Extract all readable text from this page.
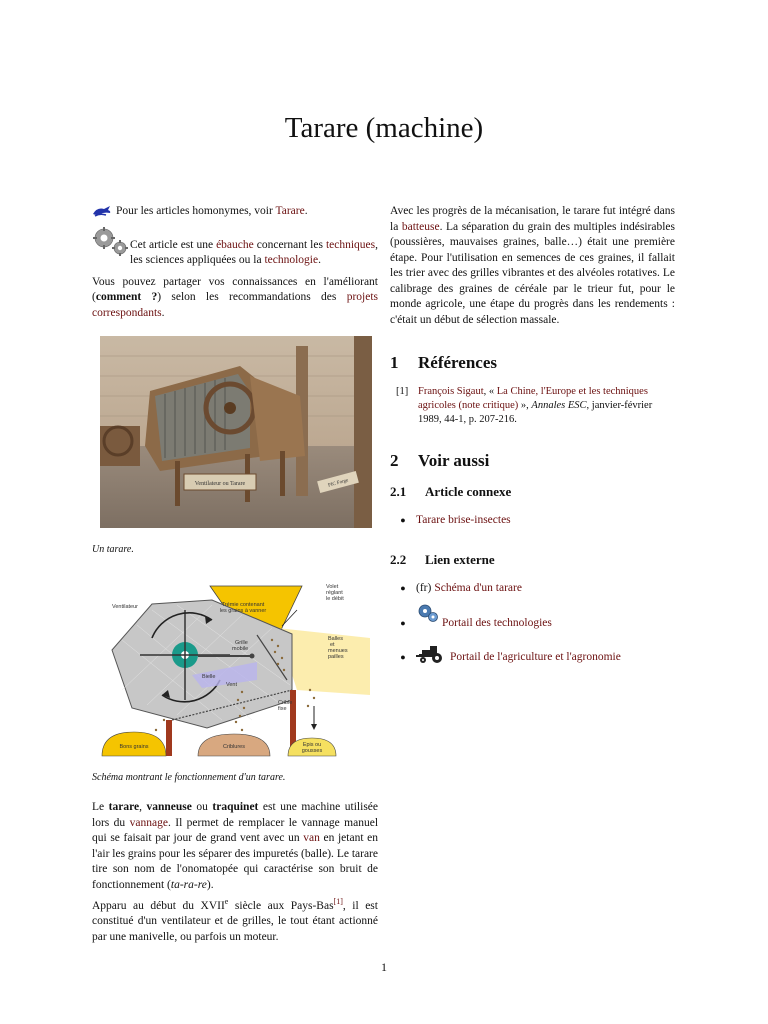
Tarare (machine)
Pour les articles homonymes, voir Tarare.

Cet article est une ébauche concernant les techniques, les sciences appliquées ou la technologie.

Vous pouvez partager vos connaissances en l'améliorant (comment ?) selon les recommandations des projets correspondants.

Ventilateur ou Tarare	PIC Forge
Un tarare.
Volet
réglant
le débit
Ventilateur	Trémie contenant
les grains à vanner
Grille
mobile
Balles
et
menues
pailles
Bielle
Vent
Crible
fixe
Bons grains	Criblures	Epis ou
gousses
Schéma montrant le fonctionnement d'un tarare.

Le tarare, vanneuse ou traquinet est une machine utilisée lors du vannage. Il permet de remplacer le vannage manuel qui se faisait par jour de grand vent avec un van en jetant en l'air les grains pour les séparer des impuretés (balle). Le tarare tire son nom de l'onomatopée qui caractérise son bruit de fonctionnement (ta-ra-re).

Apparu au début du XVIIe siècle aux Pays-Bas[1], il est constitué d'un ventilateur et de grilles, le tout étant actionné par une manivelle, ou parfois un moteur.

Avec les progrès de la mécanisation, le tarare fut intégré dans la batteuse. La séparation du grain des multiples indésirables (poussières, mauvaises graines, balle…) était une première étape. Pour l'utilisation en semences de ces graines, il fallait les trier avec des grilles vibrantes et des alvéoles rotatives. Le calibrage des graines de céréale par le trieur fut, pour le monde agricole, une étape du progrès dans les rendements : c'était un début de sélection massale.

1	Références
[1] François Sigaut, « La Chine, l'Europe et les techniques agricoles (note critique) », Annales ESC, janvier-février 1989, 44-1, p. 207-216.
2	Voir aussi
2.1	Article connexe
● Tarare brise-insectes
2.2	Lien externe
● (fr) Schéma d'un tarare
●	Portail des technologies
●	Portail de l'agriculture et l'agronomie
1
